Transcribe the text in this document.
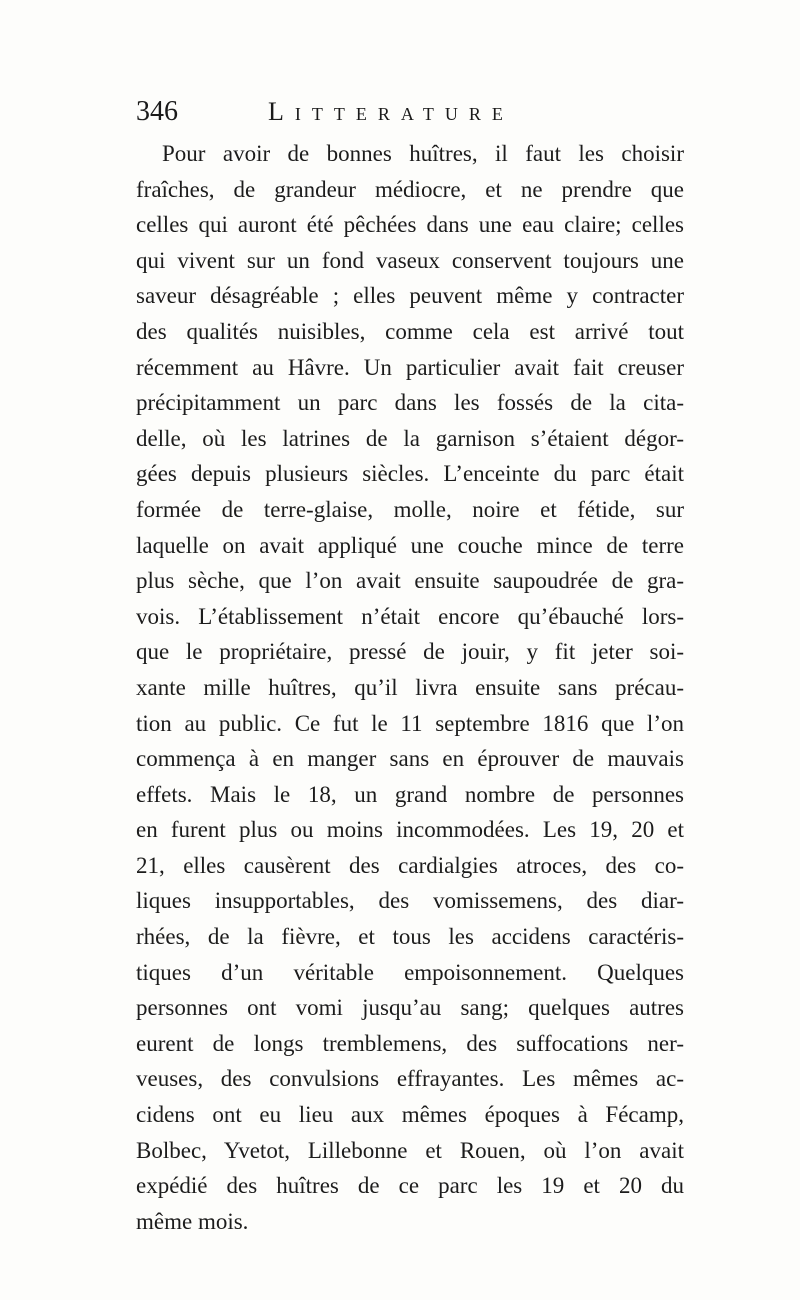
346	Litterature
Pour avoir de bonnes huîtres, il faut les choisir
fraîches, de grandeur médiocre, et ne prendre que
celles qui auront été pêchées dans une eau claire; celles
qui vivent sur un fond vaseux conservent toujours une
saveur désagréable ; elles peuvent même y contracter
des qualités nuisibles, comme cela est arrivé tout
récemment au Hâvre. Un particulier avait fait creuser
précipitamment un parc dans les fossés de la cita-
delle, où les latrines de la garnison s’étaient dégor-
gées depuis plusieurs siècles. L’enceinte du parc était
formée de terre-glaise, molle, noire et fétide, sur
laquelle on avait appliqué une couche mince de terre
plus sèche, que l’on avait ensuite saupoudrée de gra-
vois. L’établissement n’était encore qu’ébauché lors-
que le propriétaire, pressé de jouir, y fit jeter soi-
xante mille huîtres, qu’il livra ensuite sans précau-
tion au public. Ce fut le 11 septembre 1816 que l’on
commença à en manger sans en éprouver de mauvais
effets. Mais le 18, un grand nombre de personnes
en furent plus ou moins incommodées. Les 19, 20 et
21, elles causèrent des cardialgies atroces, des co-
liques insupportables, des vomissemens, des diar-
rhées, de la fièvre, et tous les accidens caractéris-
tiques d’un véritable empoisonnement. Quelques
personnes ont vomi jusqu’au sang; quelques autres
eurent de longs tremblemens, des suffocations ner-
veuses, des convulsions effrayantes. Les mêmes ac-
cidens ont eu lieu aux mêmes époques à Fécamp,
Bolbec, Yvetot, Lillebonne et Rouen, où l’on avait
expédié des huîtres de ce parc les 19 et 20 du
même mois.
